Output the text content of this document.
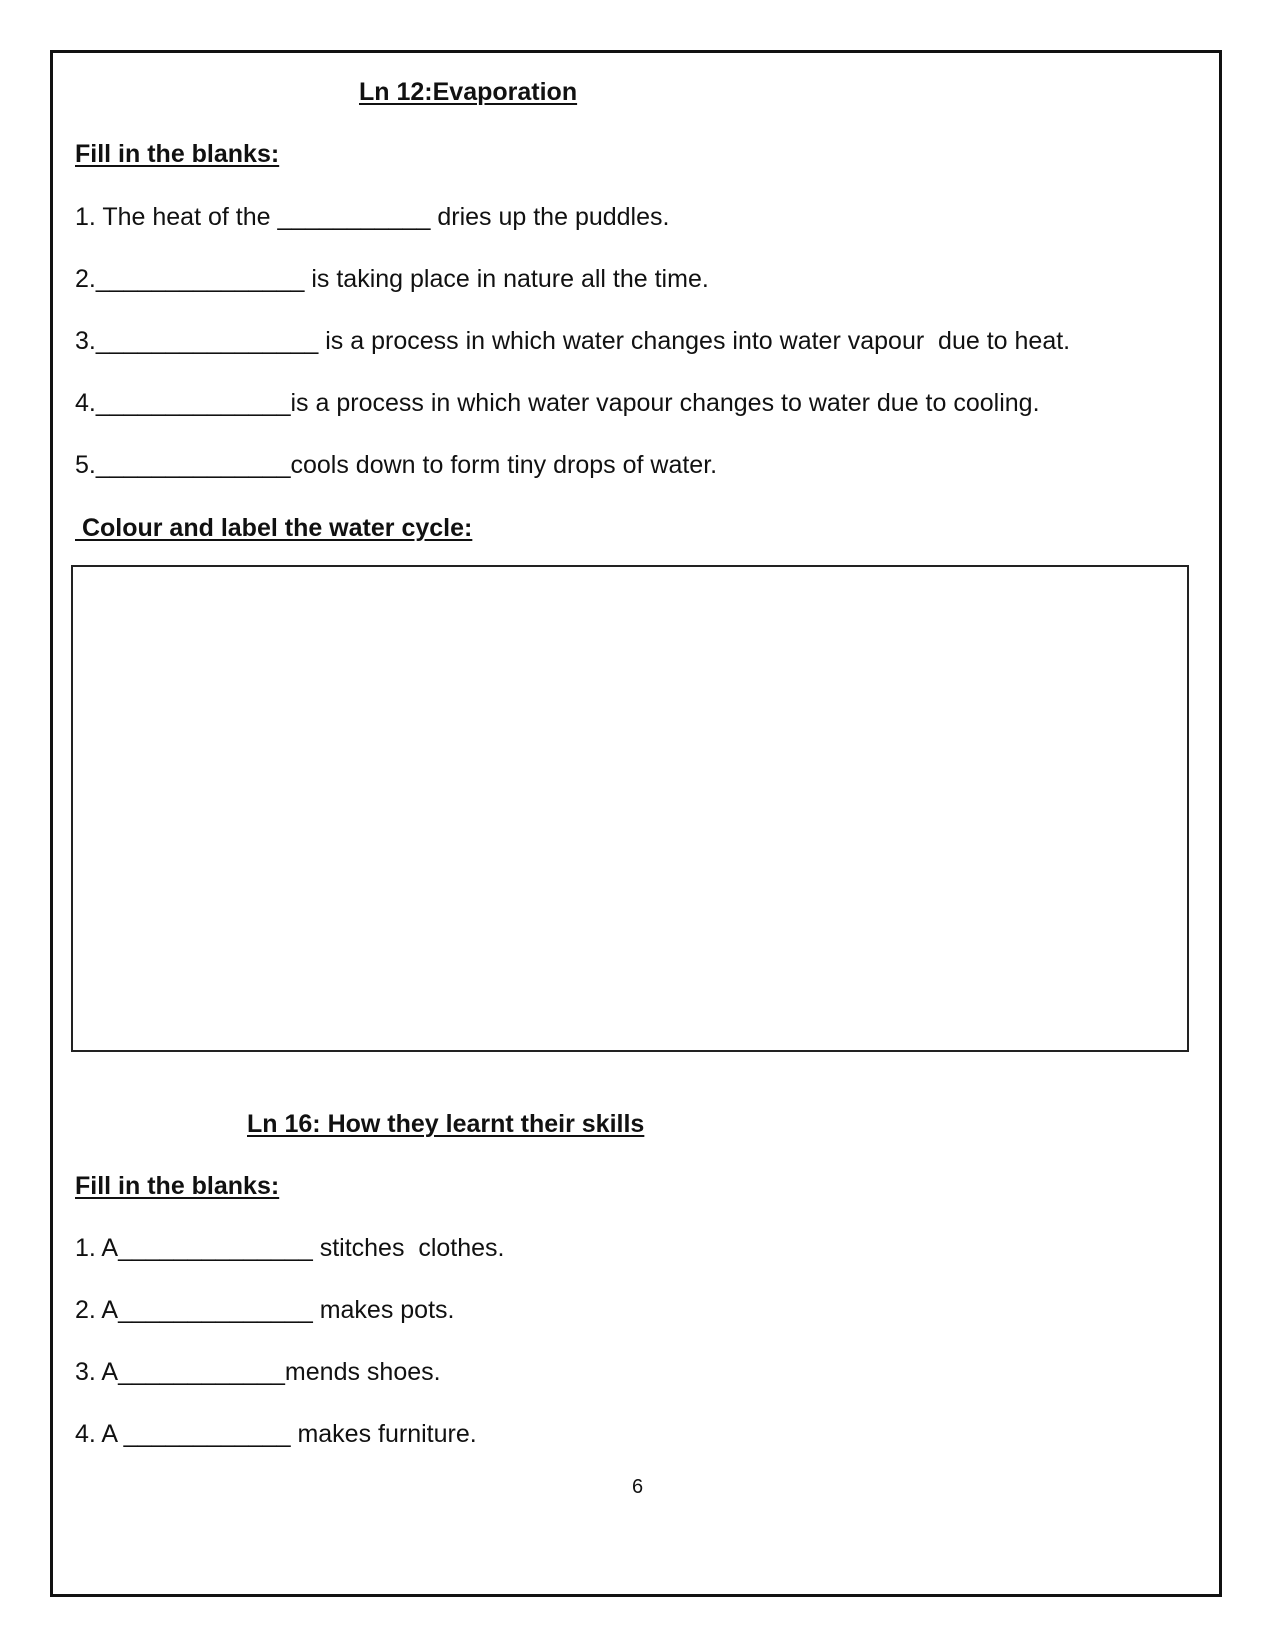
Ln 12:Evaporation
Fill in the blanks:
1. The heat of the ___________ dries up the puddles.
2._______________ is taking place in nature all the time.
3.________________ is a process in which water changes into water vapour  due to heat.
4.______________is a process in which water vapour changes to water due to cooling.
5.______________cools down to form tiny drops of water.
Colour and label the water cycle:
Ln 16: How they learnt their skills
Fill in the blanks:
1. A______________ stitches  clothes.
2. A______________ makes pots.
3. A____________mends shoes.
4. A ____________ makes furniture.
6
